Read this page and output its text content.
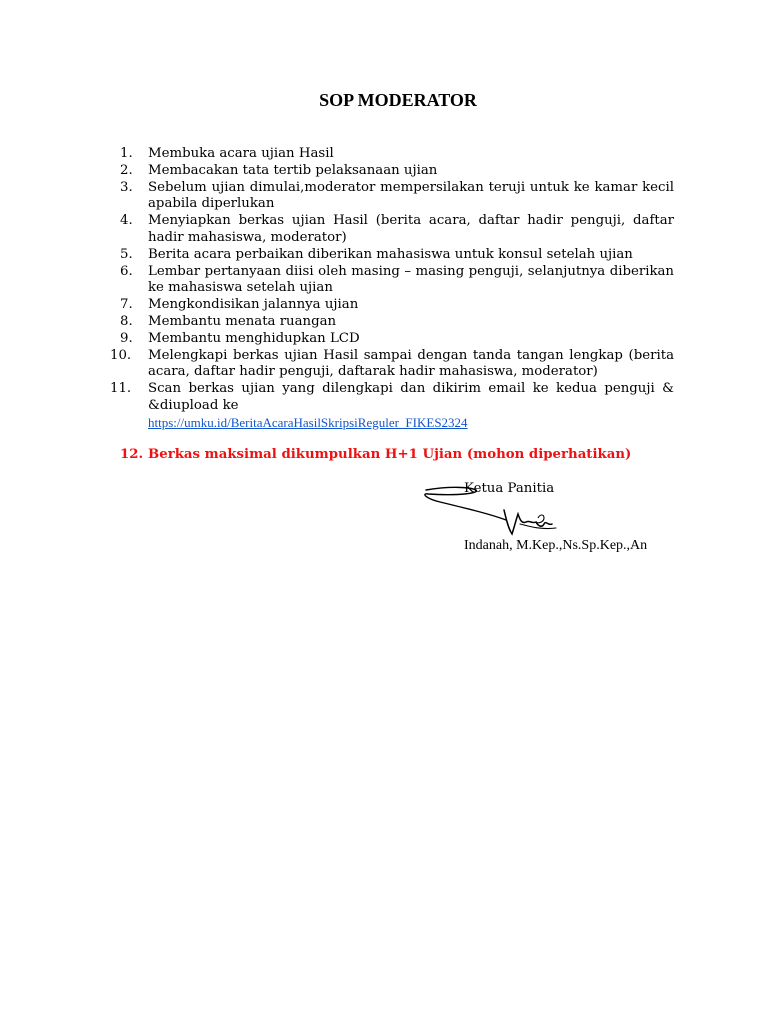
SOP MODERATOR
1.	Membuka acara ujian Hasil
2.	Membacakan tata tertib pelaksanaan ujian
3.	Sebelum ujian dimulai,moderator mempersilakan teruji untuk ke kamar kecil apabila diperlukan
4.	Menyiapkan berkas ujian Hasil (berita acara, daftar hadir penguji, daftar hadir mahasiswa, moderator)
5.	Berita acara perbaikan diberikan mahasiswa untuk konsul setelah ujian
6.	Lembar pertanyaan diisi oleh masing – masing penguji, selanjutnya diberikan ke mahasiswa setelah ujian
7.	Mengkondisikan jalannya ujian
8.	Membantu menata ruangan
9.	Membantu menghidupkan LCD
10.	Melengkapi berkas ujian Hasil sampai dengan tanda tangan lengkap (berita acara, daftar hadir penguji, daftarak hadir mahasiswa, moderator)
11.	Scan berkas ujian yang dilengkapi dan dikirim email ke kedua penguji & &diupload ke
https://umku.id/BeritaAcaraHasilSkripsiReguler_FIKES2324
12. Berkas maksimal dikumpulkan H+1 Ujian (mohon diperhatikan)
Ketua Panitia
Indanah, M.Kep.,Ns.Sp.Kep.,An
